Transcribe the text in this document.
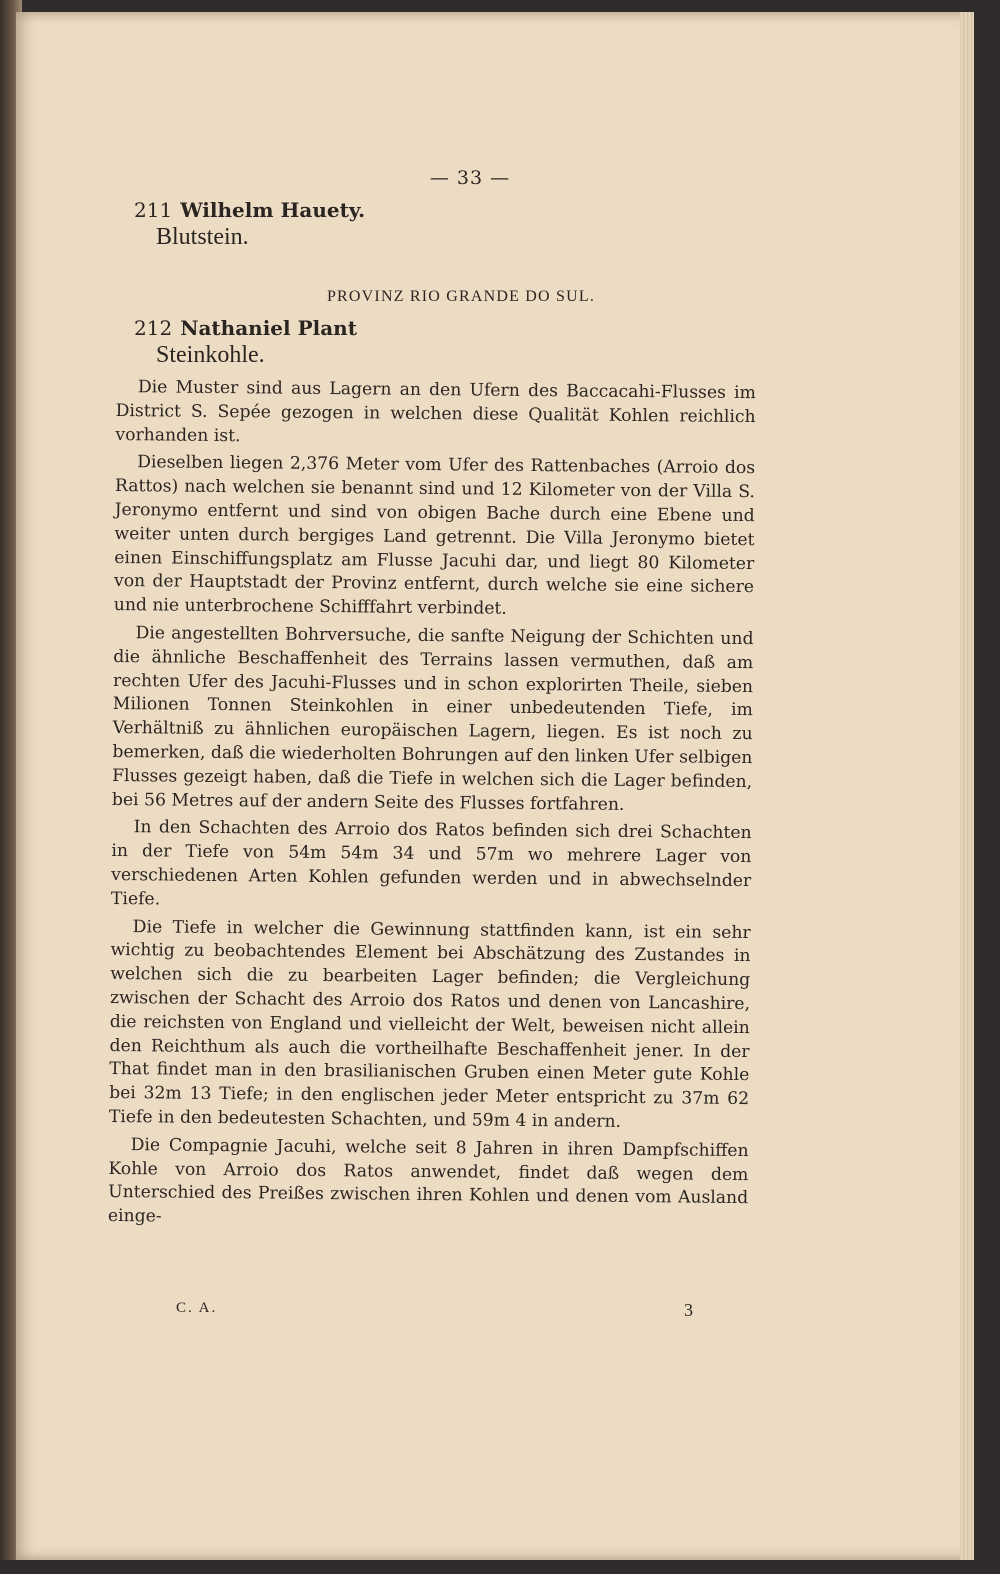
— 33 —
211 Wilhelm Hauety.
Blutstein.
PROVINZ RIO GRANDE DO SUL.
212 Nathaniel Plant
Steinkohle.

Die Muster sind aus Lagern an den Ufern des Baccacahi-Flusses im District S. Sepée gezogen in welchen diese Qualität Kohlen reichlich vorhanden ist.

Dieselben liegen 2,376 Meter vom Ufer des Rattenbaches (Arroio dos Rattos) nach welchen sie benannt sind und 12 Kilometer von der Villa S. Jeronymo entfernt und sind von obigen Bache durch eine Ebene und weiter unten durch bergiges Land getrennt. Die Villa Jeronymo bietet einen Einschiffungsplatz am Flusse Jacuhi dar, und liegt 80 Kilometer von der Hauptstadt der Provinz entfernt, durch welche sie eine sichere und nie unterbrochene Schifffahrt verbindet.

Die angestellten Bohrversuche, die sanfte Neigung der Schichten und die ähnliche Beschaffenheit des Terrains lassen vermuthen, daß am rechten Ufer des Jacuhi-Flusses und in schon explorirten Theile, sieben Milionen Tonnen Steinkohlen in einer unbedeutenden Tiefe, im Verhältniß zu ähnlichen europäischen Lagern, liegen. Es ist noch zu bemerken, daß die wiederholten Bohrungen auf den linken Ufer selbigen Flusses gezeigt haben, daß die Tiefe in welchen sich die Lager befinden, bei 56 Metres auf der andern Seite des Flusses fortfahren.

In den Schachten des Arroio dos Ratos befinden sich drei Schachten in der Tiefe von 54m 54m 34 und 57m wo mehrere Lager von verschiedenen Arten Kohlen gefunden werden und in abwechselnder Tiefe.

Die Tiefe in welcher die Gewinnung stattfinden kann, ist ein sehr wichtig zu beobachtendes Element bei Abschätzung des Zustandes in welchen sich die zu bearbeiten Lager befinden; die Vergleichung zwischen der Schacht des Arroio dos Ratos und denen von Lancashire, die reichsten von England und vielleicht der Welt, beweisen nicht allein den Reichthum als auch die vortheilhafte Beschaffenheit jener. In der That findet man in den brasilianischen Gruben einen Meter gute Kohle bei 32m 13 Tiefe; in den englischen jeder Meter entspricht zu 37m 62 Tiefe in den bedeutesten Schachten, und 59m 4 in andern.

Die Compagnie Jacuhi, welche seit 8 Jahren in ihren Dampfschiffen Kohle von Arroio dos Ratos anwendet, findet daß wegen dem Unterschied des Preißes zwischen ihren Kohlen und denen vom Ausland einge-

C. A.	3
